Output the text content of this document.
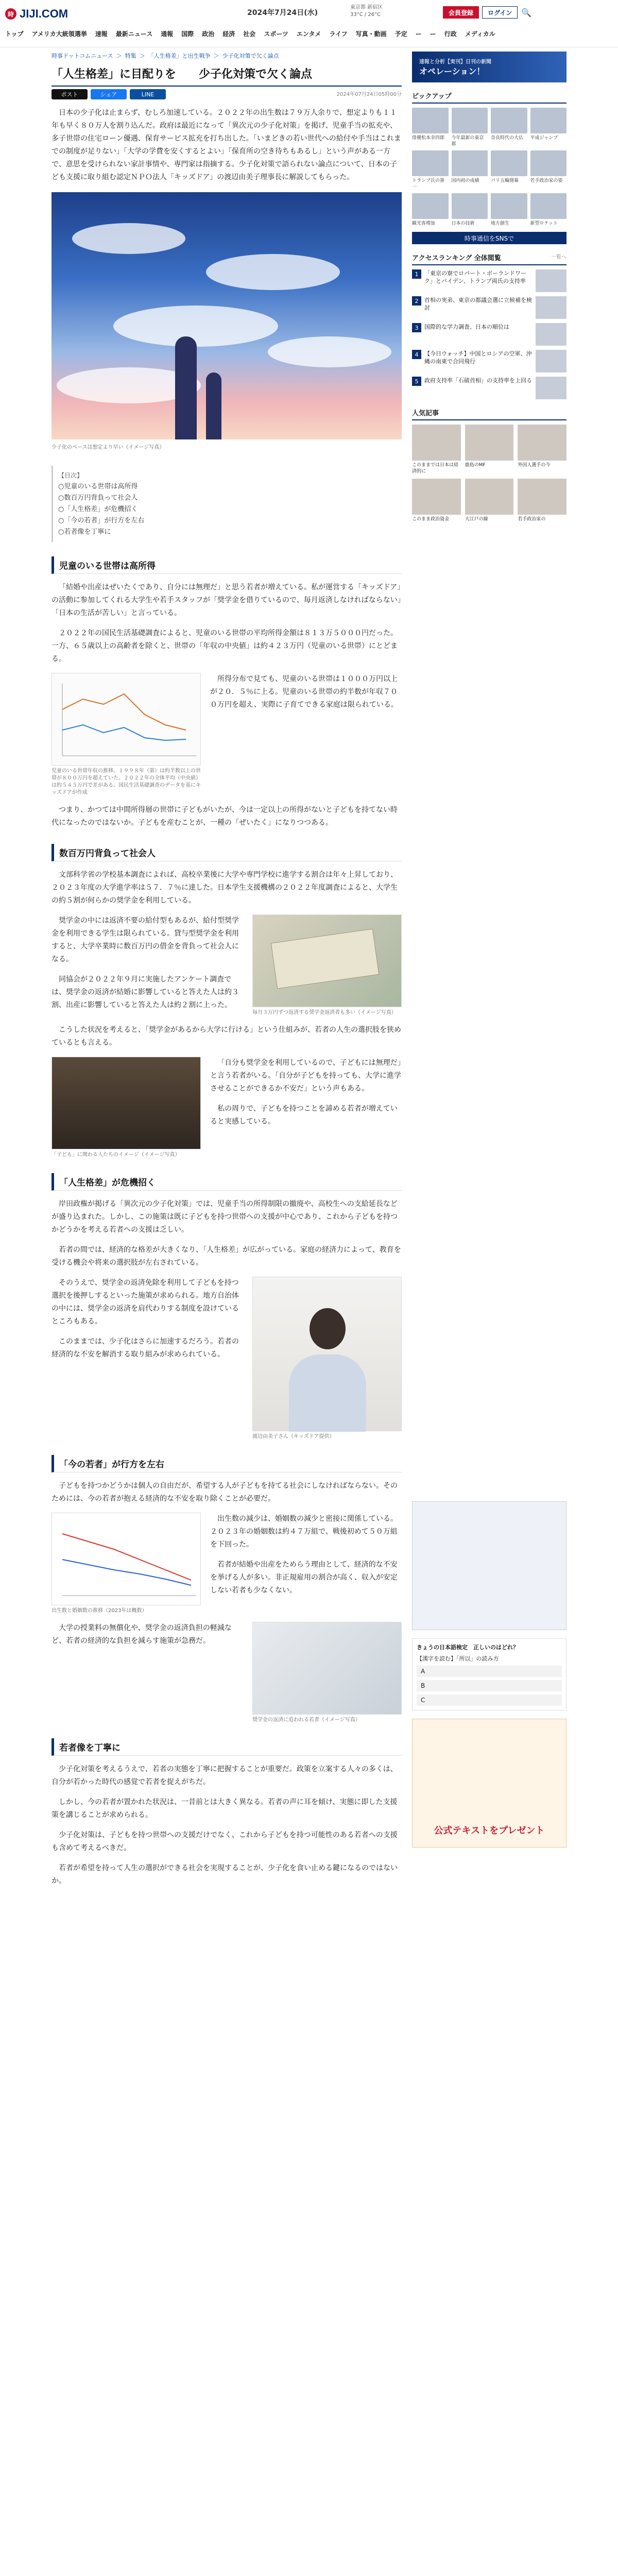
時 JIJI.COM	2024年7月24日(水)
東京都 新宿区
33°C / 26°C	会員登録	ログイン	🔍
トップ アメリカ大統領選挙 速報 最新ニュース 通報 国際 政治 経済 社会 スポーツ エンタメ ライフ 写真・動画 予定 ー ー 行政 メディカル
時事ドットコムニュース ＞ 特集 ＞ 「人生格差」と出生戦争 ＞ 少子化対策で欠く論点
「人生格差」に目配りを　　少子化対策で欠く論点
2024年07月24日05時00分
ポスト	シェア	LINE

日本の少子化は止まらず、むしろ加速している。２０２２年の出生数は７９万人余りで、想定よりも１１年も早く８０万人を割り込んだ。政府は最近になって「異次元の少子化対策」を掲げ、児童手当の拡充や、多子世帯の住宅ローン優遇、保育サービス拡充を打ち出した。「いまどきの若い世代への給付や手当はこれまでの制度が足りない」「大学の学費を安くするとよい」「保育所の空き待ちもあるし」という声がある一方で、意思を受けられない家計事情や、専門家は指摘する。少子化対策で語られない論点について、日本の子ども支援に取り組む認定ＮＰＯ法人「キッズドア」の渡辺由美子理事長に解説してもらった。

少子化のペースは想定より早い（イメージ写真）
【目次】
○児童のいる世帯は高所得
○数百万円背負って社会人
○「人生格差」が危機招く
○「今の若者」が行方を左右
○若者像を丁寧に
児童のいる世帯は高所得

「結婚や出産はぜいたくであり、自分には無理だ」と思う若者が増えている。私が運営する「キッズドア」の活動に参加してくれる大学生や若手スタッフが「奨学金を借りているので、毎月返済しなければならない」「日本の生活が苦しい」と言っている。

２０２２年の国民生活基礎調査によると、児童のいる世帯の平均所得金額は８１３万５０００円だった。一方、６５歳以上の高齢者を除くと、世帯の「年収の中央値」は約４２３万円（児童のいる世帯）にとどまる。

児童のいる世帯年収の推移。１９９８年（第）は約半数以上の世帯が８００万円を超えていた。２０２２年の全体平均（中央値）は約５４５万円で差がある。国民生活基礎調査のデータを基にキッズドアが作成

所得分布で見ても、児童のいる世帯は１０００万円以上が２０．５％に上る。児童のいる世帯の約半数が年収７００万円を超え、実際に子育てできる家庭は限られている。

つまり、かつては中間所得層の世帯に子どもがいたが、今は一定以上の所得がないと子どもを持てない時代になったのではないか。子どもを産むことが、一種の「ぜいたく」になりつつある。

数百万円背負って社会人

文部科学省の学校基本調査によれば、高校卒業後に大学や専門学校に進学する割合は年々上昇しており、２０２３年度の大学進学率は５７．７％に達した。日本学生支援機構の２０２２年度調査によると、大学生の約５割が何らかの奨学金を利用している。

毎月３万円ずつ返済する奨学金返済者も多い（イメージ写真）

奨学金の中には返済不要の給付型もあるが、給付型奨学金を利用できる学生は限られている。貸与型奨学金を利用すると、大学卒業時に数百万円の借金を背負って社会人になる。

同協会が２０２２年９月に実施したアンケート調査では、奨学金の返済が結婚に影響していると答えた人は約３割、出産に影響していると答えた人は約２割に上った。

こうした状況を考えると、「奨学金があるから大学に行ける」という仕組みが、若者の人生の選択肢を狭めているとも言える。

「子ども」に関わる人たちのイメージ（イメージ写真）

「自分も奨学金を利用しているので、子どもには無理だ」と言う若者がいる。「自分が子どもを持っても、大学に進学させることができるか不安だ」という声もある。

私の周りで、子どもを持つことを諦める若者が増えていると実感している。

「人生格差」が危機招く

岸田政権が掲げる「異次元の少子化対策」では、児童手当の所得制限の撤廃や、高校生への支給延長などが盛り込まれた。しかし、この施策は既に子どもを持つ世帯への支援が中心であり、これから子どもを持つかどうかを考える若者への支援は乏しい。

若者の間では、経済的な格差が大きくなり、「人生格差」が広がっている。家庭の経済力によって、教育を受ける機会や将来の選択肢が左右されている。

渡辺由美子さん（キッズドア提供）

そのうえで、奨学金の返済免除を利用して子どもを持つ選択を後押しするといった施策が求められる。地方自治体の中には、奨学金の返済を肩代わりする制度を設けているところもある。

このままでは、少子化はさらに加速するだろう。若者の経済的な不安を解消する取り組みが求められている。

「今の若者」が行方を左右

子どもを持つかどうかは個人の自由だが、希望する人が子どもを持てる社会にしなければならない。そのためには、今の若者が抱える経済的な不安を取り除くことが必要だ。

出生数と婚姻数の推移（2023年は概数）

出生数の減少は、婚姻数の減少と密接に関係している。２０２３年の婚姻数は約４７万組で、戦後初めて５０万組を下回った。

若者が結婚や出産をためらう理由として、経済的な不安を挙げる人が多い。非正規雇用の割合が高く、収入が安定しない若者も少なくない。

奨学金の返済に追われる若者（イメージ写真）

大学の授業料の無償化や、奨学金の返済負担の軽減など、若者の経済的な負担を減らす施策が急務だ。

若者像を丁寧に

少子化対策を考えるうえで、若者の実態を丁寧に把握することが重要だ。政策を立案する人々の多くは、自分が若かった時代の感覚で若者を捉えがちだ。

しかし、今の若者が置かれた状況は、一昔前とは大きく異なる。若者の声に耳を傾け、実態に即した支援策を講じることが求められる。

少子化対策は、子どもを持つ世帯への支援だけでなく、これから子どもを持つ可能性のある若者への支援も含めて考えるべきだ。

若者が希望を持って人生の選択ができる社会を実現することが、少子化を食い止める鍵になるのではないか。

速報と分析【実刊】日刊の新聞
オペレーション！
ピックアップ
俳優松本幸四郎	今年最新の東京都
奈良時代の大仏	平成ジャンプ
トランプ氏の第一
国内初の成績	パリ五輪開幕	若手政治家の姿
観光客増加	日本の技術	地方創生	新型ロケット
時事通信をSNSで
アクセスランキング 全体閲覧	一覧へ
1	「東京の寮でロバート・ボーランドワーク」とバイデン、トランプ両氏の支持率
2	首相の実弟、東京の都議会選に立候補を検討
3	国際的な学力調査、日本の順位は
4	【今日ウォッチ】中国とロシアの空軍、沖縄の南東で合同飛行
5	政府支持率「石破首相」の支持率を上回る
人気記事
このままでは日本は経済的に
鹿島のMF	外国人選手の今
このまま政治資金	大江戸の線	若手政治家の
きょうの日本語検定　正しいのはどれ？
【漢字を読む】「所以」の読み方
A
B
C
公式テキストをプレゼント
